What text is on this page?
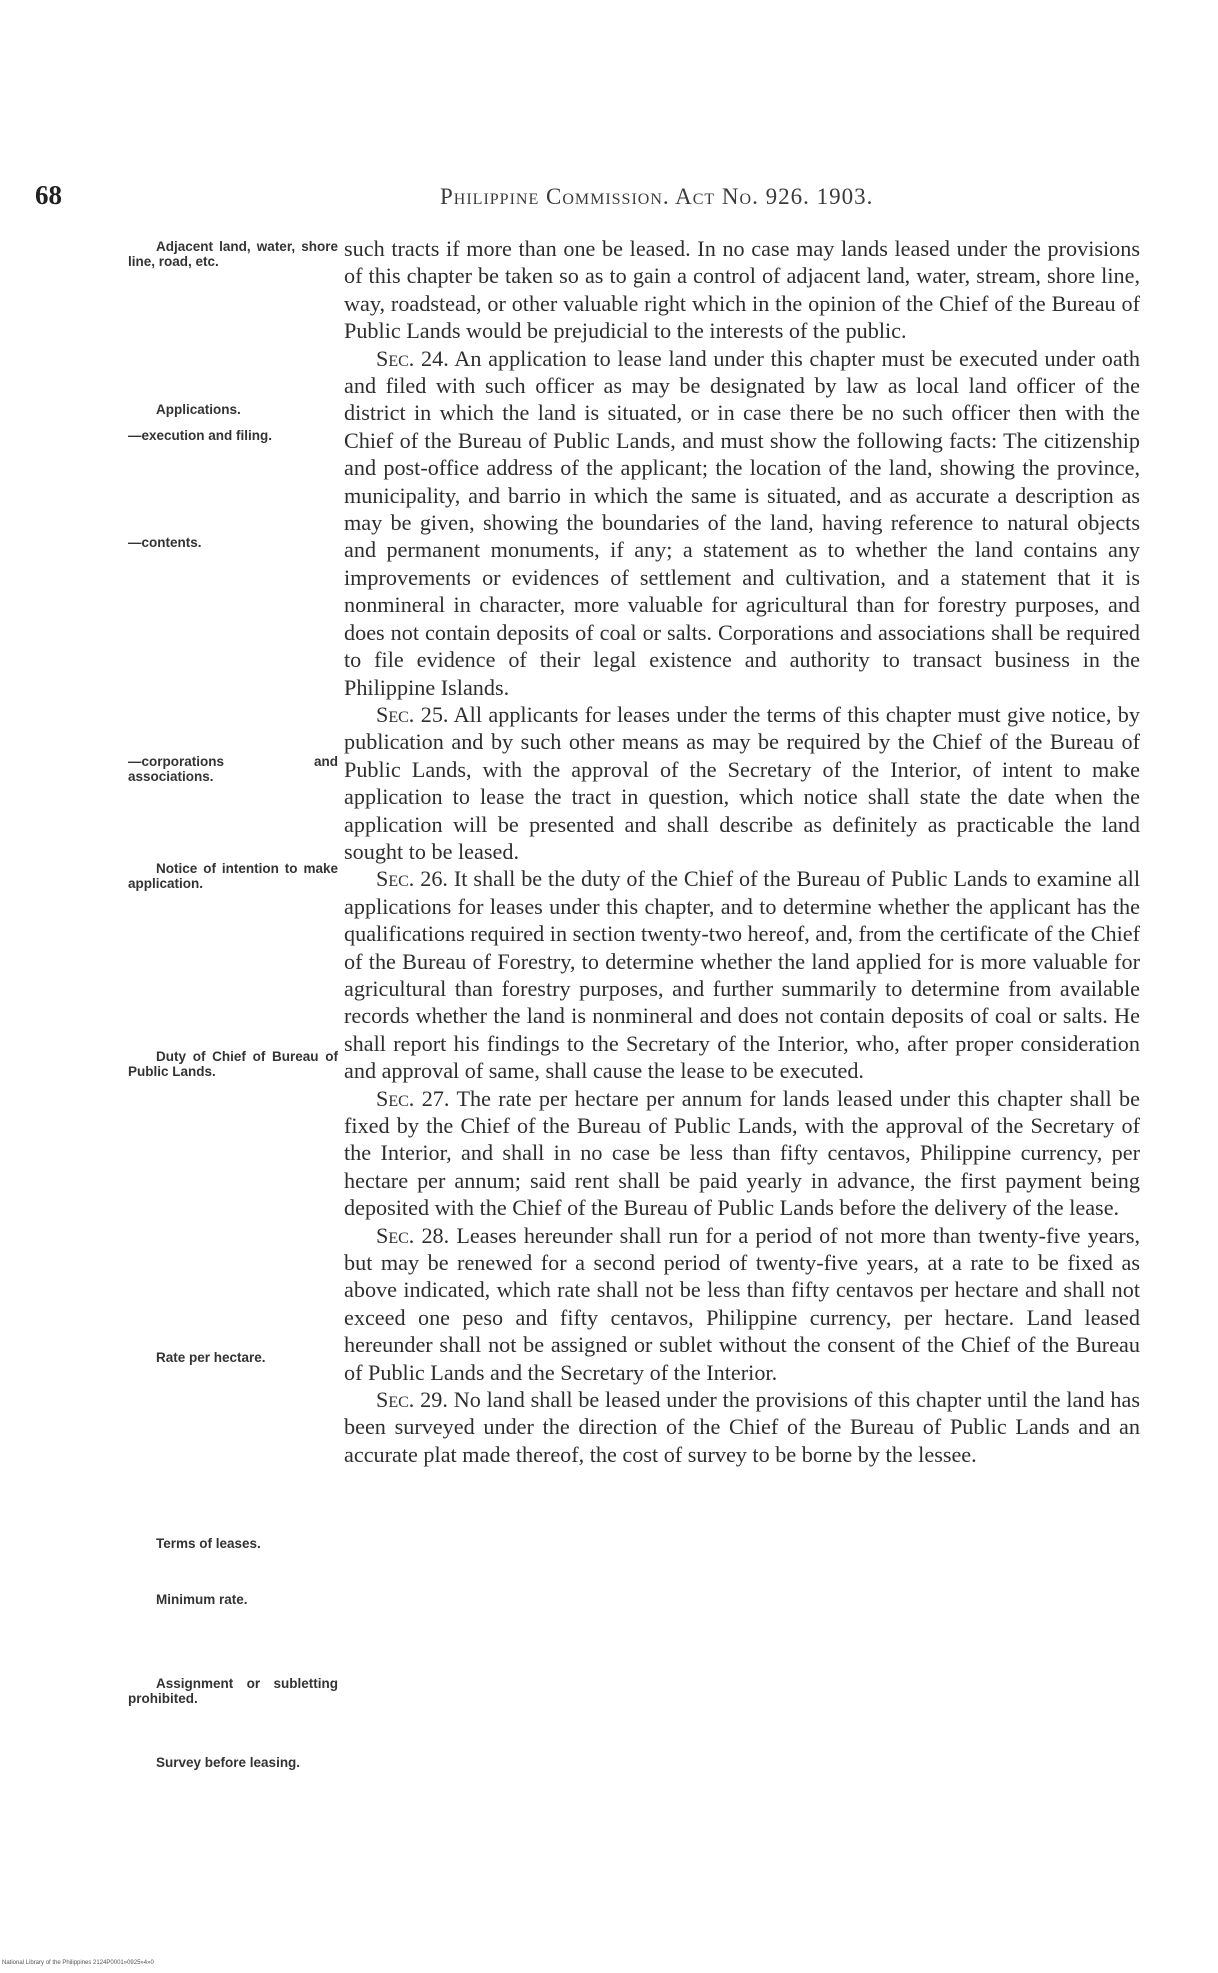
68	Philippine Commission. Act No. 926. 1903.
Adjacent land, water, shore line, road, etc.
Applications.
—execution and filing.
—contents.
—corporations and associations.
Notice of intention to make application.
Duty of Chief of Bureau of Public Lands.
Rate per hectare.
Terms of leases.
Minimum rate.
Assignment or subletting prohibited.
Survey before leasing.

such tracts if more than one be leased. In no case may lands leased under the provisions of this chapter be taken so as to gain a control of adjacent land, water, stream, shore line, way, roadstead, or other valuable right which in the opinion of the Chief of the Bureau of Public Lands would be prejudicial to the interests of the public.

Sec. 24. An application to lease land under this chapter must be executed under oath and filed with such officer as may be designated by law as local land officer of the district in which the land is situated, or in case there be no such officer then with the Chief of the Bureau of Public Lands, and must show the following facts: The citizenship and post-office address of the applicant; the location of the land, showing the province, municipality, and barrio in which the same is situated, and as accurate a description as may be given, showing the boundaries of the land, having reference to natural objects and permanent monuments, if any; a statement as to whether the land contains any improvements or evidences of settlement and cultivation, and a statement that it is nonmineral in character, more valuable for agricultural than for forestry purposes, and does not contain deposits of coal or salts. Corporations and associations shall be required to file evidence of their legal existence and authority to transact business in the Philippine Islands.

Sec. 25. All applicants for leases under the terms of this chapter must give notice, by publication and by such other means as may be required by the Chief of the Bureau of Public Lands, with the approval of the Secretary of the Interior, of intent to make application to lease the tract in question, which notice shall state the date when the application will be presented and shall describe as definitely as practicable the land sought to be leased.

Sec. 26. It shall be the duty of the Chief of the Bureau of Public Lands to examine all applications for leases under this chapter, and to determine whether the applicant has the qualifications required in section twenty-two hereof, and, from the certificate of the Chief of the Bureau of Forestry, to determine whether the land applied for is more valuable for agricultural than forestry purposes, and further summarily to determine from available records whether the land is nonmineral and does not contain deposits of coal or salts. He shall report his findings to the Secretary of the Interior, who, after proper consideration and approval of same, shall cause the lease to be executed.

Sec. 27. The rate per hectare per annum for lands leased under this chapter shall be fixed by the Chief of the Bureau of Public Lands, with the approval of the Secretary of the Interior, and shall in no case be less than fifty centavos, Philippine currency, per hectare per annum; said rent shall be paid yearly in advance, the first payment being deposited with the Chief of the Bureau of Public Lands before the delivery of the lease.

Sec. 28. Leases hereunder shall run for a period of not more than twenty-five years, but may be renewed for a second period of twenty-five years, at a rate to be fixed as above indicated, which rate shall not be less than fifty centavos per hectare and shall not exceed one peso and fifty centavos, Philippine currency, per hectare. Land leased hereunder shall not be assigned or sublet without the consent of the Chief of the Bureau of Public Lands and the Secretary of the Interior.

Sec. 29. No land shall be leased under the provisions of this chapter until the land has been surveyed under the direction of the Chief of the Bureau of Public Lands and an accurate plat made thereof, the cost of survey to be borne by the lessee.

National Library of the Philippines 2124P0001»0925»4»0
